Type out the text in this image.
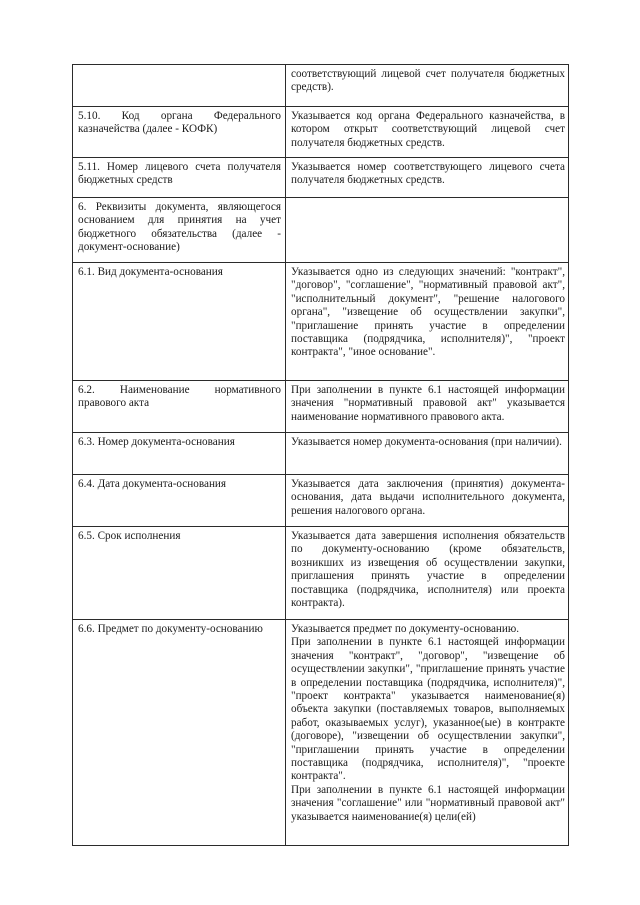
	соответствующий лицевой счет получателя бюджетных средств).

5.10. Код органа Федерального казначейства (далее - КОФК)	Указывается код органа Федерального казначейства, в котором открыт соответствующий лицевой счет получателя бюджетных средств.

5.11. Номер лицевого счета получателя бюджетных средств	Указывается номер соответствующего лицевого счета получателя бюджетных средств.

6. Реквизиты документа, являющегося основанием для принятия на учет бюджетного обязательства (далее - документ-основание)	

6.1. Вид документа-основания	Указывается одно из следующих значений: "контракт", "договор", "соглашение", "нормативный правовой акт", "исполнительный документ", "решение налогового органа", "извещение об осуществлении закупки", "приглашение принять участие в определении поставщика (подрядчика, исполнителя)", "проект контракта", "иное основание".

6.2. Наименование нормативного правового акта	При заполнении в пункте 6.1 настоящей информации значения "нормативный правовой акт" указывается наименование нормативного правового акта.

6.3. Номер документа-основания	Указывается номер документа-основания (при наличии).

6.4. Дата документа-основания	Указывается дата заключения (принятия) документа-основания, дата выдачи исполнительного документа, решения налогового органа.

6.5. Срок исполнения	Указывается дата завершения исполнения обязательств по документу-основанию (кроме обязательств, возникших из извещения об осуществлении закупки, приглашения принять участие в определении поставщика (подрядчика, исполнителя) или проекта контракта).

6.6. Предмет по документу-основанию	Указывается предмет по документу-основанию.
При заполнении в пункте 6.1 настоящей информации значения "контракт", "договор", "извещение об осуществлении закупки", "приглашение принять участие в определении поставщика (подрядчика, исполнителя)", "проект контракта" указывается наименование(я) объекта закупки (поставляемых товаров, выполняемых работ, оказываемых услуг), указанное(ые) в контракте (договоре), "извещении об осуществлении закупки", "приглашении принять участие в определении поставщика (подрядчика, исполнителя)", "проекте контракта".
При заполнении в пункте 6.1 настоящей информации значения "соглашение" или "нормативный правовой акт" указывается наименование(я) цели(ей)
